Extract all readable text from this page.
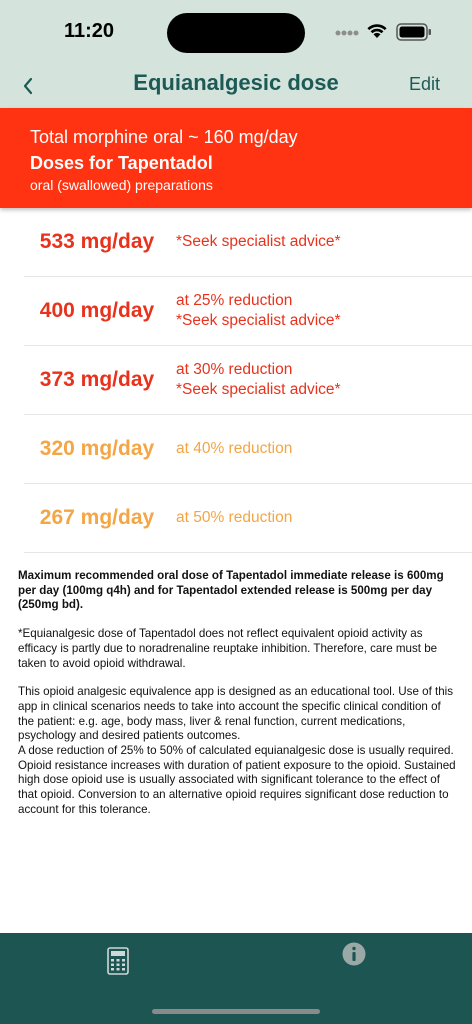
11:20
Equianalgesic dose	Edit
Total morphine oral ~ 160 mg/day
Doses for Tapentadol
oral (swallowed) preparations
533 mg/day	*Seek specialist advice*
400 mg/day	at 25% reduction
*Seek specialist advice*
373 mg/day	at 30% reduction
*Seek specialist advice*
320 mg/day	at 40% reduction
267 mg/day	at 50% reduction

Maximum recommended oral dose of Tapentadol immediate release is 600mg per day (100mg q4h) and for Tapentadol extended release is 500mg per day (250mg bd).

*Equianalgesic dose of Tapentadol does not reflect equivalent opioid activity as efficacy is partly due to noradrenaline reuptake inhibition. Therefore, care must be taken to avoid opioid withdrawal.

This opioid analgesic equivalence app is designed as an educational tool. Use of this app in clinical scenarios needs to take into account the specific clinical condition of the patient: e.g. age, body mass, liver & renal function, current medications, psychology and desired patients outcomes.
A dose reduction of 25% to 50% of calculated equianalgesic dose is usually required.
Opioid resistance increases with duration of patient exposure to the opioid. Sustained high dose opioid use is usually associated with significant tolerance to the effect of that opioid. Conversion to an alternative opioid requires significant dose reduction to account for this tolerance.
